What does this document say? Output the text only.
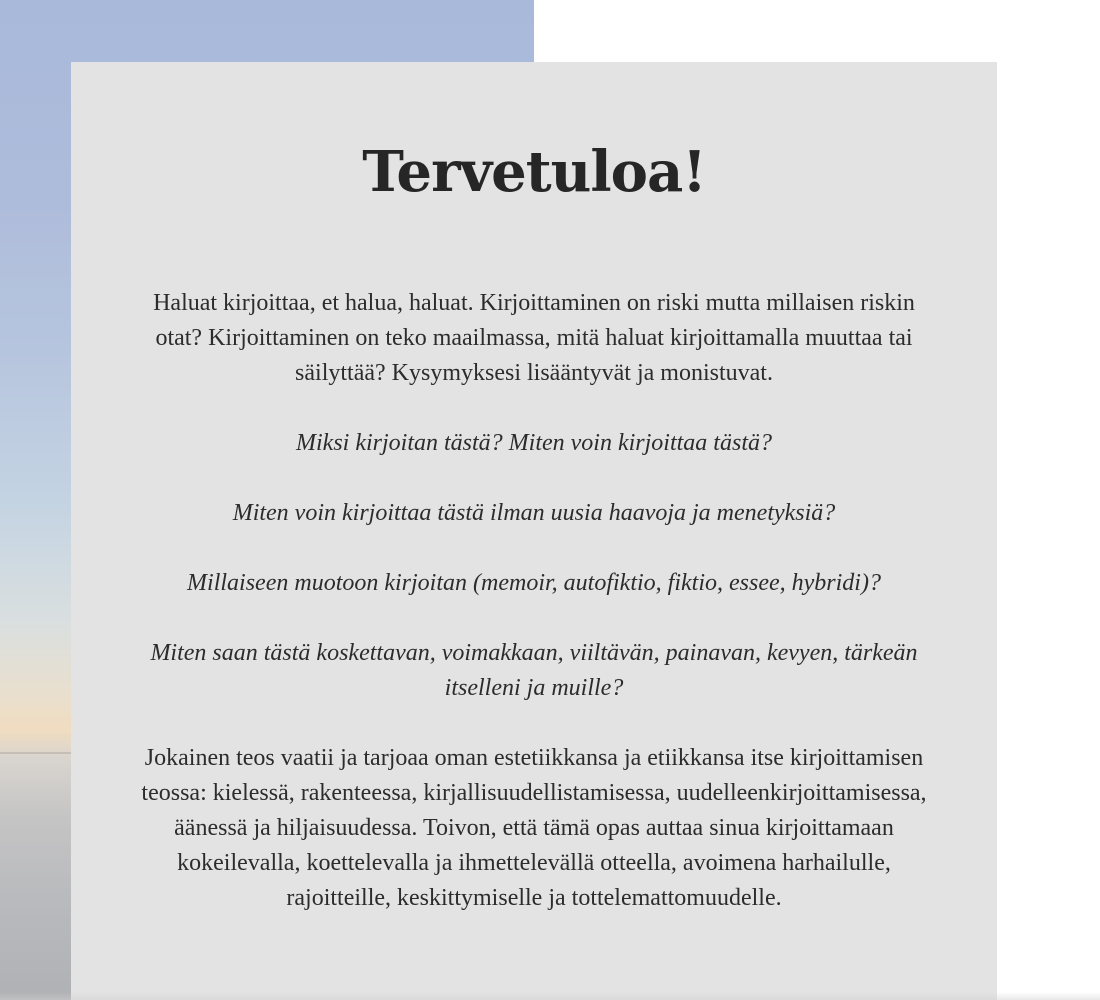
Tervetuloa!

Haluat kirjoittaa, et halua, haluat. Kirjoittaminen on riski mutta millaisen riskin otat? Kirjoittaminen on teko maailmassa, mitä haluat kirjoittamalla muuttaa tai säilyttää? Kysymyksesi lisääntyvät ja monistuvat.

Miksi kirjoitan tästä? Miten voin kirjoittaa tästä?

Miten voin kirjoittaa tästä ilman uusia haavoja ja menetyksiä?

Millaiseen muotoon kirjoitan (memoir, autofiktio, fiktio, essee, hybridi)?

Miten saan tästä koskettavan, voimakkaan, viiltävän, painavan, kevyen, tärkeän itselleni ja muille?

Jokainen teos vaatii ja tarjoaa oman estetiikkansa ja etiikkansa itse kirjoittamisen teossa: kielessä, rakenteessa, kirjallisuudellistamisessa, uudelleenkirjoittamisessa, äänessä ja hiljaisuudessa. Toivon, että tämä opas auttaa sinua kirjoittamaan kokeilevalla, koettelevalla ja ihmettelevällä otteella, avoimena harhailulle, rajoitteille, keskittymiselle ja tottelemattomuudelle.
